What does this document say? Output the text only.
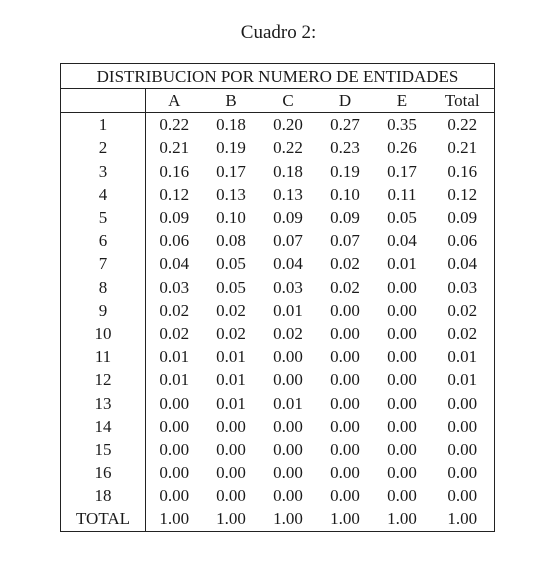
Cuadro 2:
DISTRIBUCION POR NUMERO DE ENTIDADES						
	A	B	C	D	E	Total
1	0.22	0.18	0.20	0.27	0.35	0.22
2	0.21	0.19	0.22	0.23	0.26	0.21
3	0.16	0.17	0.18	0.19	0.17	0.16
4	0.12	0.13	0.13	0.10	0.11	0.12
5	0.09	0.10	0.09	0.09	0.05	0.09
6	0.06	0.08	0.07	0.07	0.04	0.06
7	0.04	0.05	0.04	0.02	0.01	0.04
8	0.03	0.05	0.03	0.02	0.00	0.03
9	0.02	0.02	0.01	0.00	0.00	0.02
10	0.02	0.02	0.02	0.00	0.00	0.02
11	0.01	0.01	0.00	0.00	0.00	0.01
12	0.01	0.01	0.00	0.00	0.00	0.01
13	0.00	0.01	0.01	0.00	0.00	0.00
14	0.00	0.00	0.00	0.00	0.00	0.00
15	0.00	0.00	0.00	0.00	0.00	0.00
16	0.00	0.00	0.00	0.00	0.00	0.00
18	0.00	0.00	0.00	0.00	0.00	0.00
TOTAL	1.00	1.00	1.00	1.00	1.00	1.00
